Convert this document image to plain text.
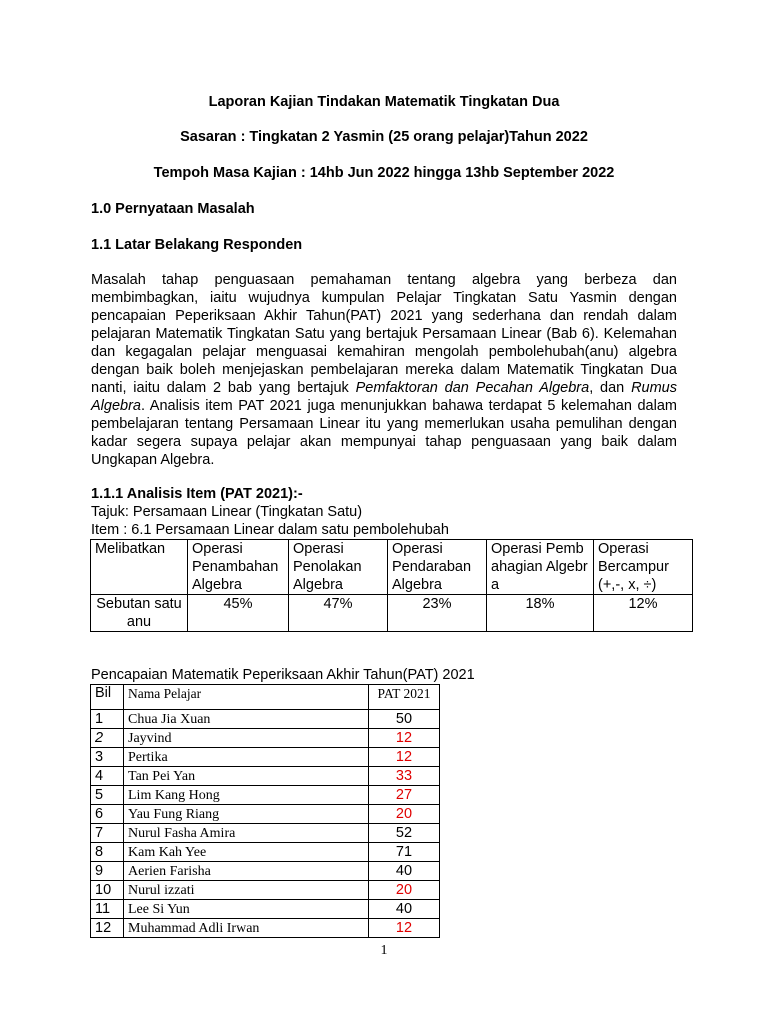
Laporan Kajian Tindakan Matematik Tingkatan Dua
Sasaran : Tingkatan 2 Yasmin (25 orang pelajar)Tahun 2022
Tempoh Masa Kajian : 14hb Jun 2022 hingga 13hb September 2022
1.0 Pernyataan Masalah
1.1 Latar Belakang Responden
Masalah tahap penguasaan pemahaman tentang algebra yang berbeza dan membimbagkan, iaitu wujudnya kumpulan Pelajar Tingkatan Satu Yasmin dengan pencapaian Peperiksaan Akhir Tahun(PAT) 2021 yang sederhana dan rendah dalam pelajaran Matematik Tingkatan Satu yang bertajuk Persamaan Linear (Bab 6). Kelemahan dan kegagalan pelajar menguasai kemahiran mengolah pembolehubah(anu) algebra dengan baik boleh menjejaskan pembelajaran mereka dalam Matematik Tingkatan Dua nanti, iaitu dalam 2 bab yang bertajuk Pemfaktoran dan Pecahan Algebra, dan Rumus Algebra. Analisis item PAT 2021 juga menunjukkan bahawa terdapat 5 kelemahan dalam pembelajaran tentang Persamaan Linear itu yang memerlukan usaha pemulihan dengan kadar segera supaya pelajar akan mempunyai tahap penguasaan yang baik dalam Ungkapan Algebra.
1.1.1 Analisis Item (PAT 2021):-
Tajuk: Persamaan Linear (Tingkatan Satu)
Item : 6.1 Persamaan Linear dalam satu pembolehubah
Melibatkan	Operasi Penambahan Algebra	Operasi Penolakan Algebra	Operasi Pendaraban Algebra	Operasi Pembahagian Algebra	Operasi Bercampur (+,-, x, ÷)
Sebutan satu anu	45%	47%	23%	18%	12%
Pencapaian Matematik Peperiksaan Akhir Tahun(PAT) 2021
Bil	Nama Pelajar	PAT 2021
1	Chua Jia Xuan	50
2	Jayvind	12
3	Pertika	12
4	Tan Pei Yan	33
5	Lim Kang Hong	27
6	Yau Fung Riang	20
7	Nurul Fasha Amira	52
8	Kam Kah Yee	71
9	Aerien Farisha	40
10	Nurul izzati	20
11	Lee Si Yun	40
12	Muhammad Adli Irwan	12
1
